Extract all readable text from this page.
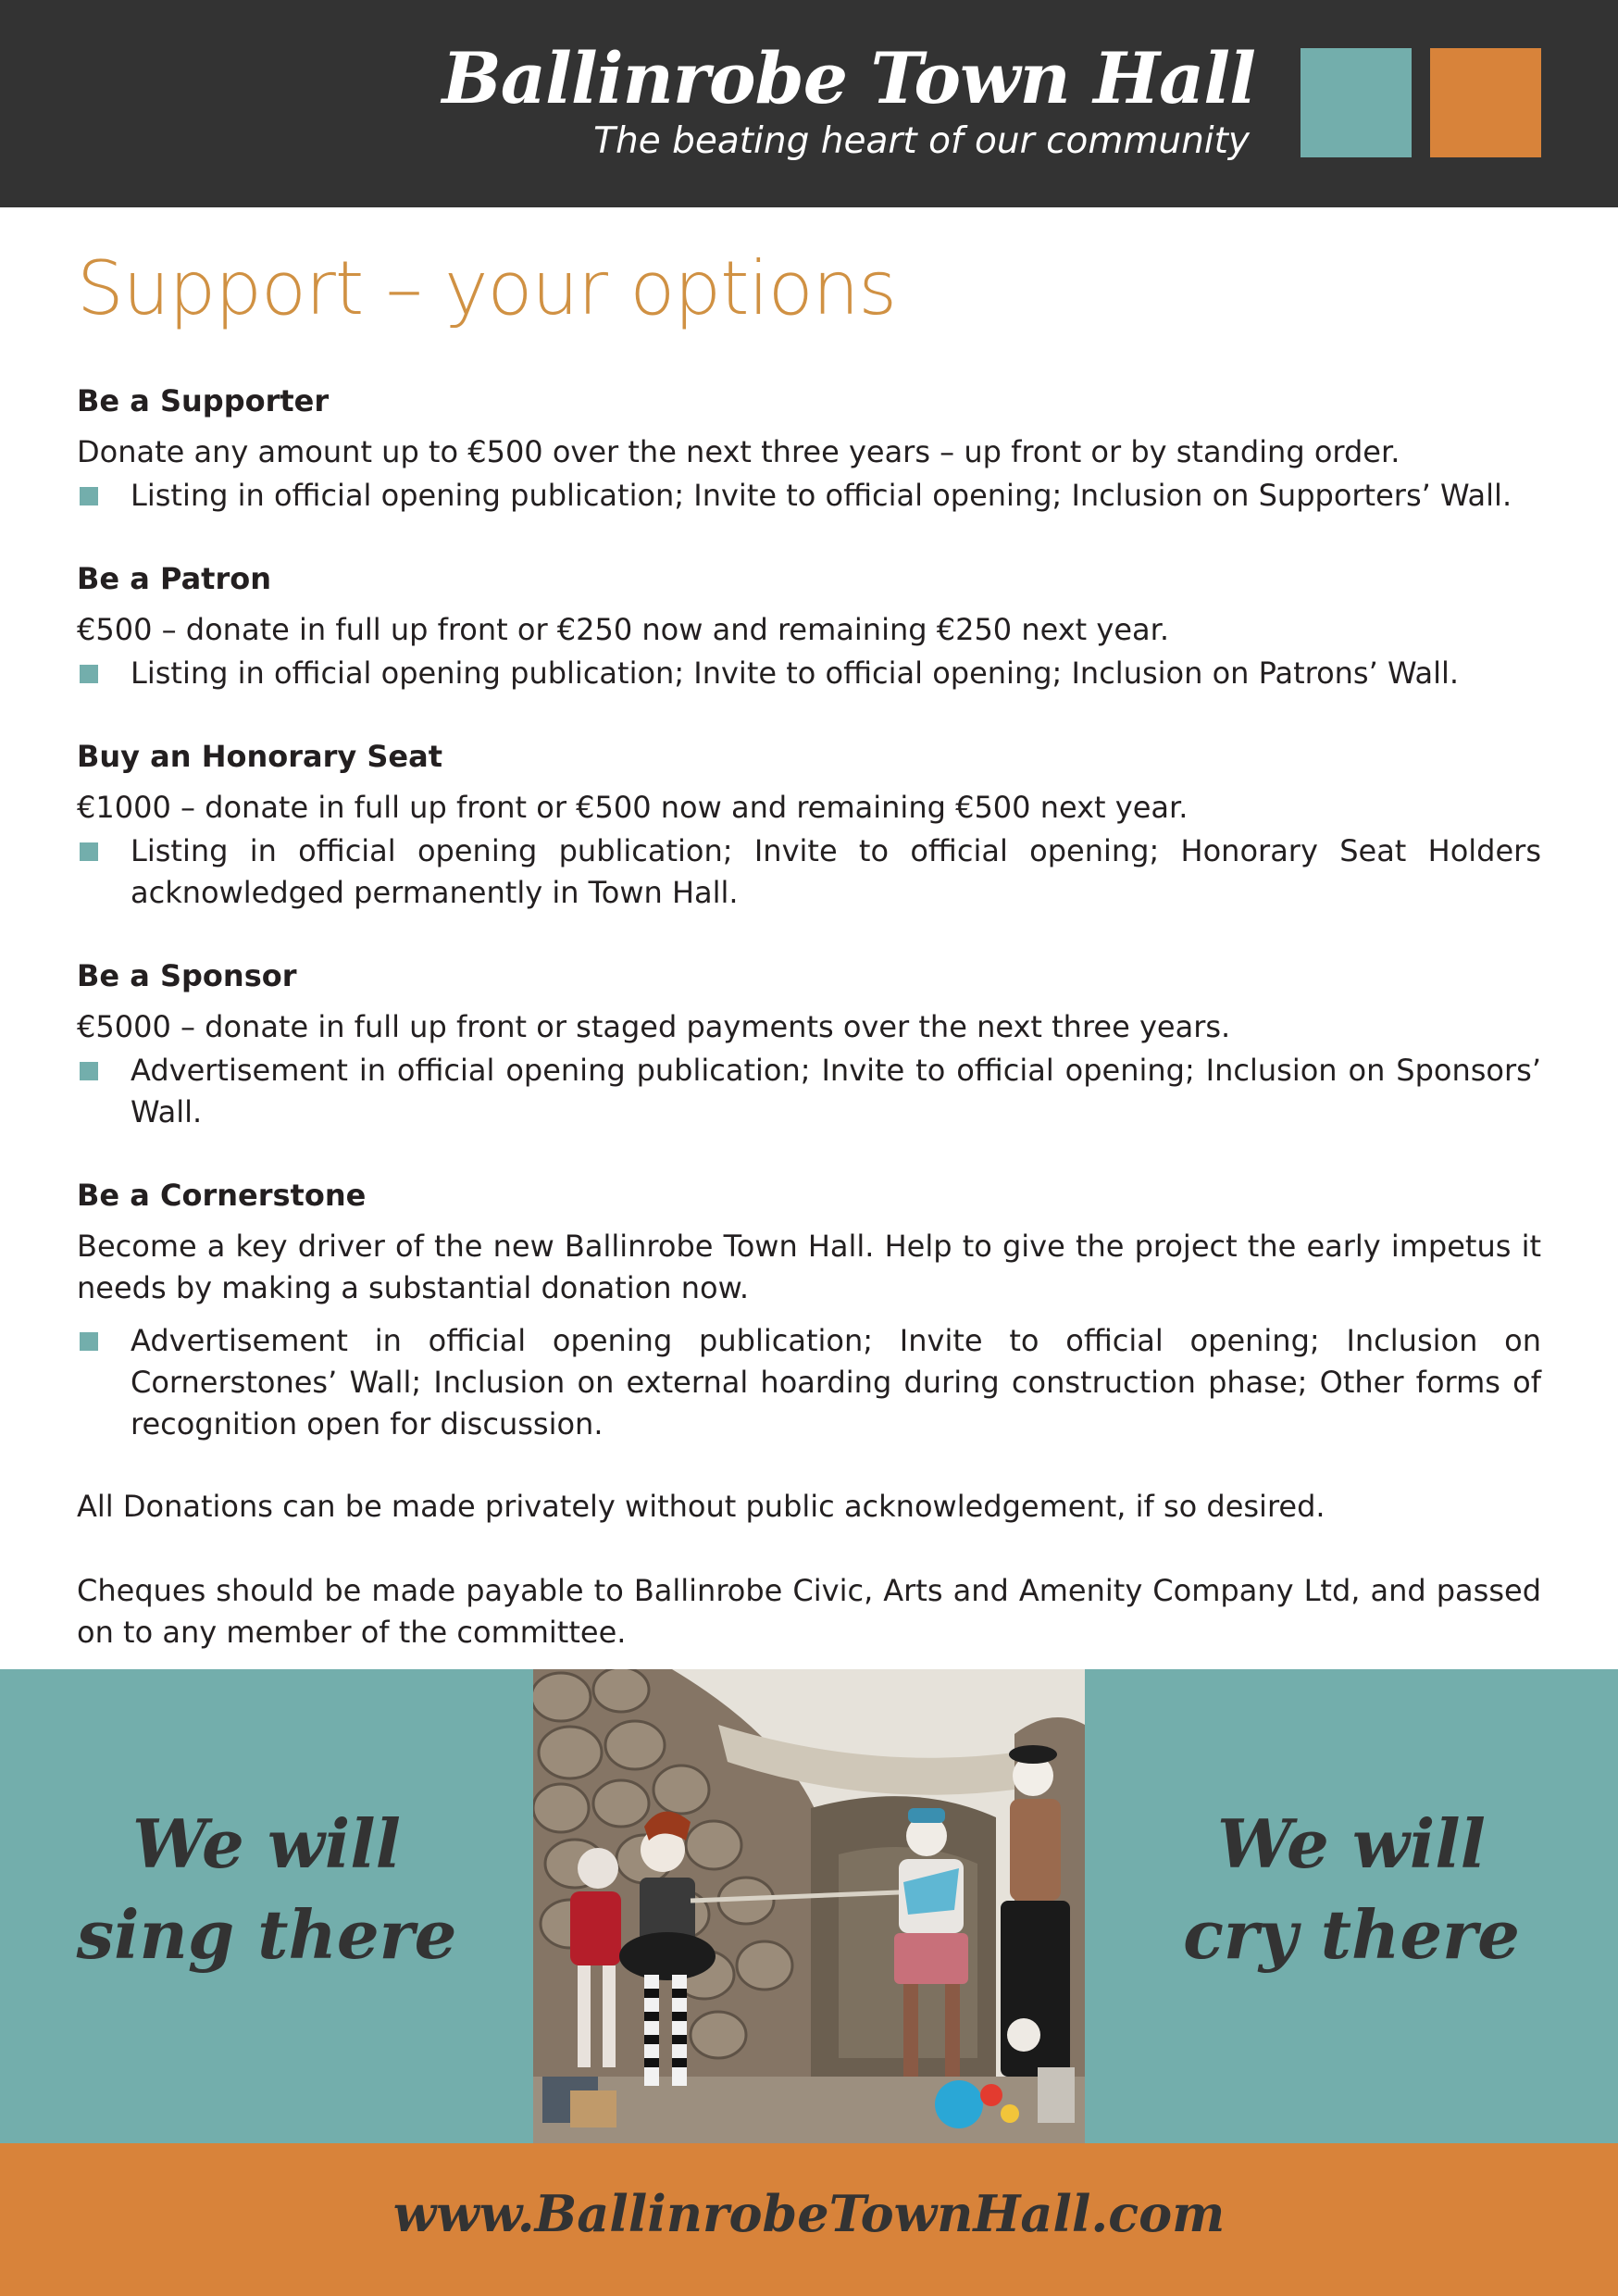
Ballinrobe Town Hall
The beating heart of our community
Support – your options
Be a Supporter
Donate any amount up to €500 over the next three years – up front or by standing order.
Listing in official opening publication; Invite to official opening; Inclusion on Supporters’ Wall.
Be a Patron
€500 – donate in full up front or €250 now and remaining €250 next year.
Listing in official opening publication; Invite to official opening; Inclusion on Patrons’ Wall.
Buy an Honorary Seat
€1000 – donate in full up front or €500 now and remaining €500 next year.
Listing in official opening publication; Invite to official opening; Honorary Seat Holders acknowledged permanently in Town Hall.
Be a Sponsor
€5000 – donate in full up front or staged payments over the next three years.
Advertisement in official opening publication; Invite to official opening; Inclusion on Sponsors’ Wall.
Be a Cornerstone
Become a key driver of the new Ballinrobe Town Hall. Help to give the project the early impetus it needs by making a substantial donation now.
Advertisement in official opening publication; Invite to official opening; Inclusion on Cornerstones’ Wall; Inclusion on external hoarding during construction phase; Other forms of recognition open for discussion.

All Donations can be made privately without public acknowledgement, if so desired.

Cheques should be made payable to Ballinrobe Civic, Arts and Amenity Company Ltd, and passed on to any member of the committee.

We will
sing there
We will
cry there
www.BallinrobeTownHall.com
